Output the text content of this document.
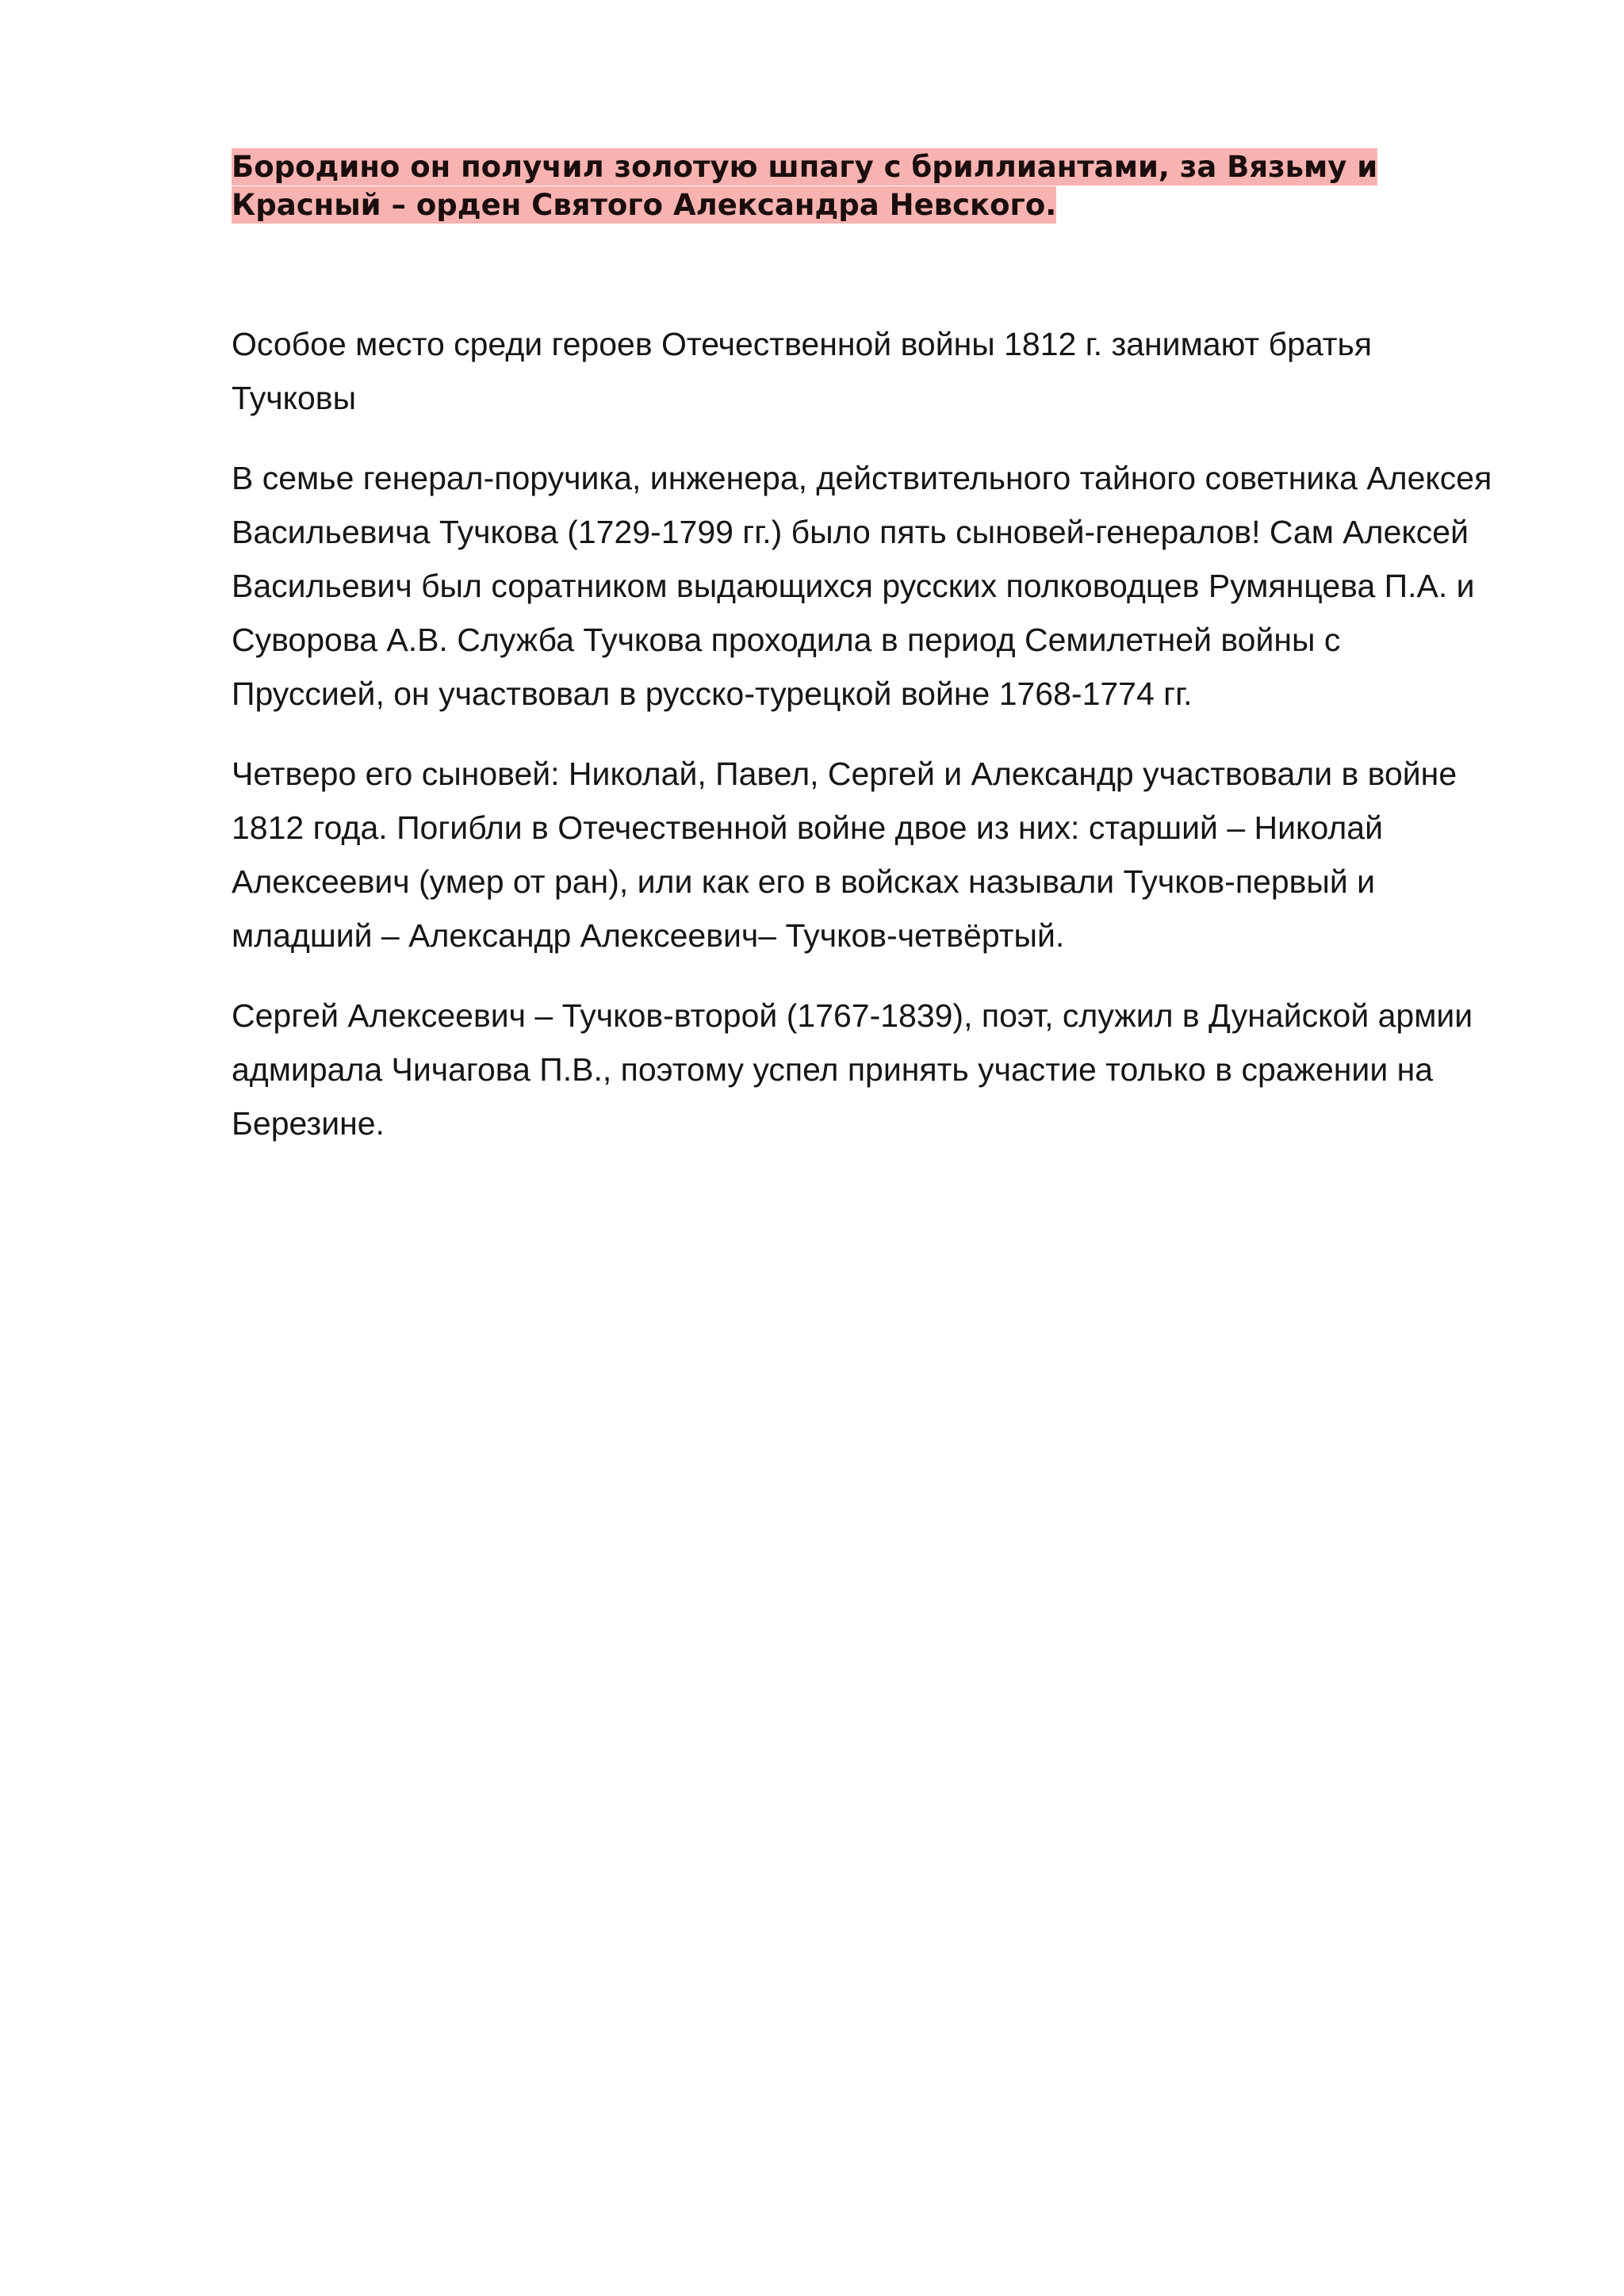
Бородино он получил золотую шпагу с бриллиантами, за Вязьму и Красный – орден Святого Александра Невского.

Особое место среди героев Отечественной войны 1812 г. занимают братья Тучковы

В семье генерал-поручика, инженера, действительного тайного советника Алексея Васильевича Тучкова (1729-1799 гг.) было пять сыновей-генералов! Сам Алексей Васильевич был соратником выдающихся русских полководцев Румянцева П.А. и Суворова А.В. Служба Тучкова проходила в период Семилетней войны с Пруссией, он участвовал в русско-турецкой войне 1768-1774 гг.

Четверо его сыновей: Николай, Павел, Сергей и Александр участвовали в войне 1812 года. Погибли в Отечественной войне двое из них: старший – Николай Алексеевич (умер от ран), или как его в войсках называли Тучков-первый и младший – Александр Алексеевич– Тучков-четвёртый.

Сергей Алексеевич – Тучков-второй (1767-1839), поэт, служил в Дунайской армии адмирала Чичагова П.В., поэтому успел принять участие только в сражении на Березине.
